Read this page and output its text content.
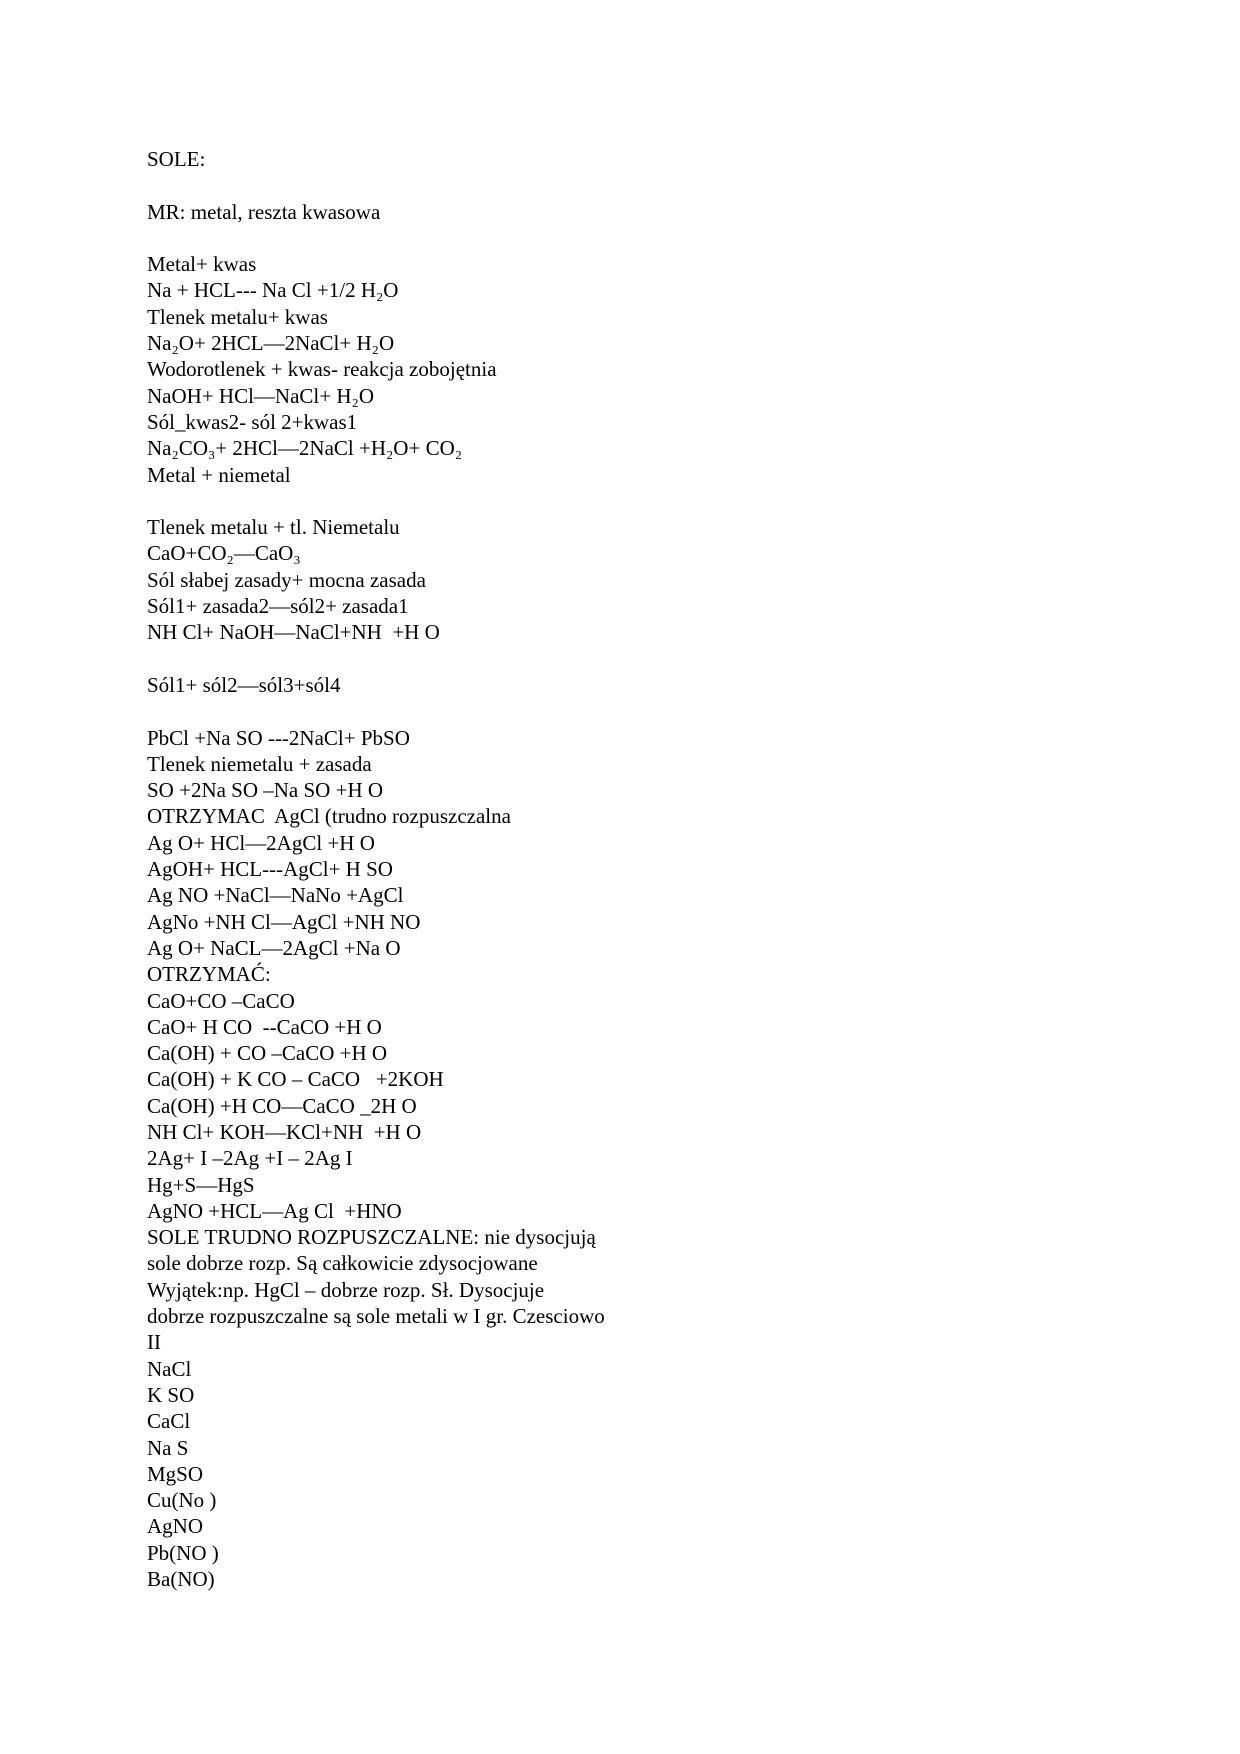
SOLE:
MR: metal, reszta kwasowa
Metal+ kwas
Na + HCL--- Na Cl +1/2 H₂O
Tlenek metalu+ kwas
Na₂O+ 2HCL—2NaCl+ H₂O
Wodorotlenek + kwas- reakcja zobojętnia
NaOH+ HCl—NaCl+ H₂O
Sól_kwas2- sól 2+kwas1
Na₂CO₃+ 2HCl—2NaCl +H₂O+ CO₂
Metal + niemetal
Tlenek metalu + tl. Niemetalu
CaO+CO₂—CaO₃
Sól słabej zasady+ mocna zasada
Sól1+ zasada2—sól2+ zasada1
NH Cl+ NaOH—NaCl+NH  +H O
Sól1+ sól2—sól3+sól4
PbCl +Na SO ---2NaCl+ PbSO
Tlenek niemetalu + zasada
SO +2Na SO –Na SO +H O
OTRZYMAC  AgCl (trudno rozpuszczalna
Ag O+ HCl—2AgCl +H O
AgOH+ HCL---AgCl+ H SO
Ag NO +NaCl—NaNo +AgCl
AgNo +NH Cl—AgCl +NH NO
Ag O+ NaCL—2AgCl +Na O
OTRZYMAĆ:
CaO+CO –CaCO
CaO+ H CO  --CaCO +H O
Ca(OH) + CO –CaCO +H O
Ca(OH) + K CO – CaCO   +2KOH
Ca(OH) +H CO—CaCO _2H O
NH Cl+ KOH—KCl+NH  +H O
2Ag+ I –2Ag +I – 2Ag I
Hg+S—HgS
AgNO +HCL—Ag Cl  +HNO
SOLE TRUDNO ROZPUSZCZALNE: nie dysocjują
sole dobrze rozp. Są całkowicie zdysocjowane
Wyjątek:np. HgCl – dobrze rozp. Sł. Dysocjuje
dobrze rozpuszczalne są sole metali w I gr. Czesciowo
II
NaCl
K SO
CaCl
Na S
MgSO
Cu(No )
AgNO
Pb(NO )
Ba(NO)
